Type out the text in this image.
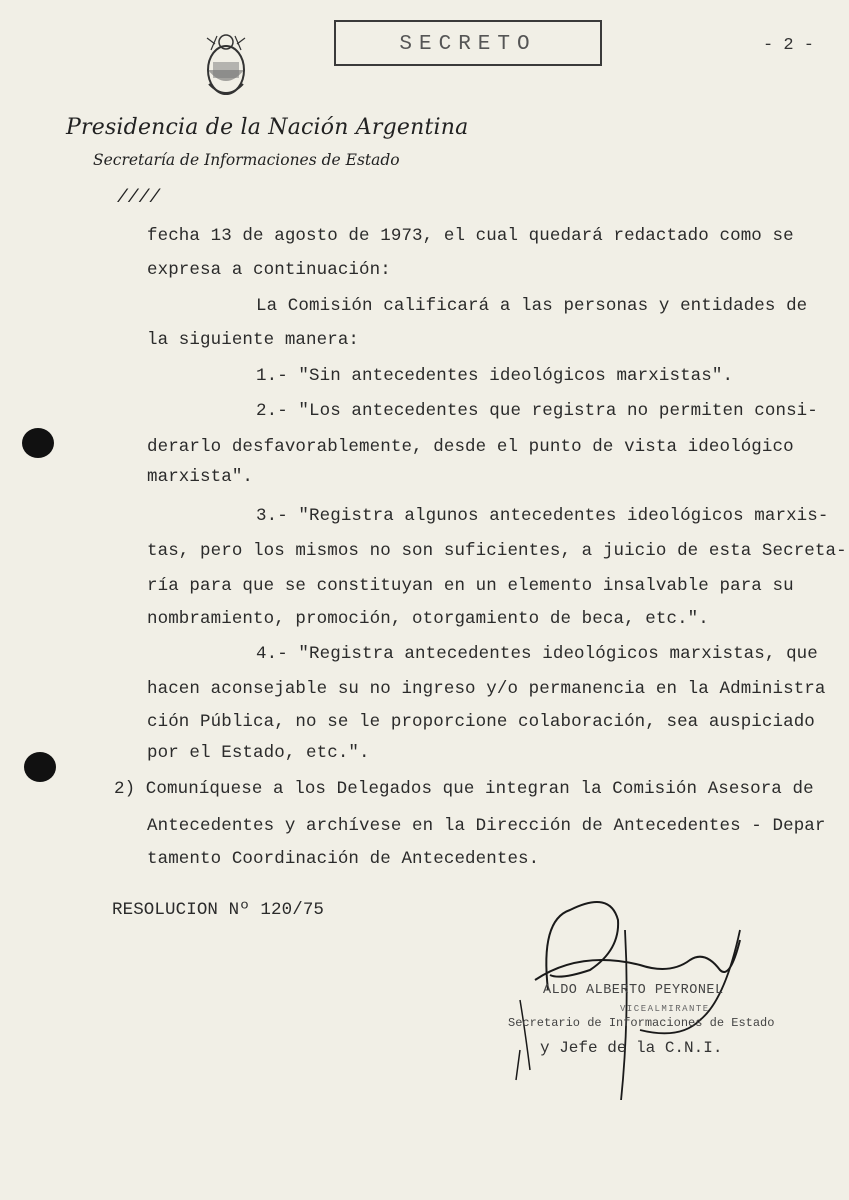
SECRETO	- 2 -
Presidencia de la Nación Argentina
Secretaría de Informaciones de Estado
////
fecha 13 de agosto de 1973, el cual quedará redactado como se
expresa a continuación:
La Comisión calificará a las personas y entidades de
la siguiente manera:
1.- "Sin antecedentes ideológicos marxistas".
2.- "Los antecedentes que registra no permiten consi-
derarlo desfavorablemente, desde el punto de vista ideológico
marxista".
3.- "Registra algunos antecedentes ideológicos marxis-
tas, pero los mismos no son suficientes, a juicio de esta Secreta-
ría para que se constituyan en un elemento insalvable para su
nombramiento, promoción, otorgamiento de beca, etc.".
4.- "Registra antecedentes ideológicos marxistas, que
hacen aconsejable su no ingreso y/o permanencia en la Administra
ción Pública, no se le proporcione colaboración, sea auspiciado
por el Estado, etc.".
2) Comuníquese a los Delegados que integran la Comisión Asesora de
Antecedentes y archívese en la Dirección de Antecedentes - Depar
tamento Coordinación de Antecedentes.
RESOLUCION Nº 120/75
ALDO ALBERTO PEYRONEL
VICEALMIRANTE
Secretario de Informaciones de Estado
y Jefe de la C.N.I.
